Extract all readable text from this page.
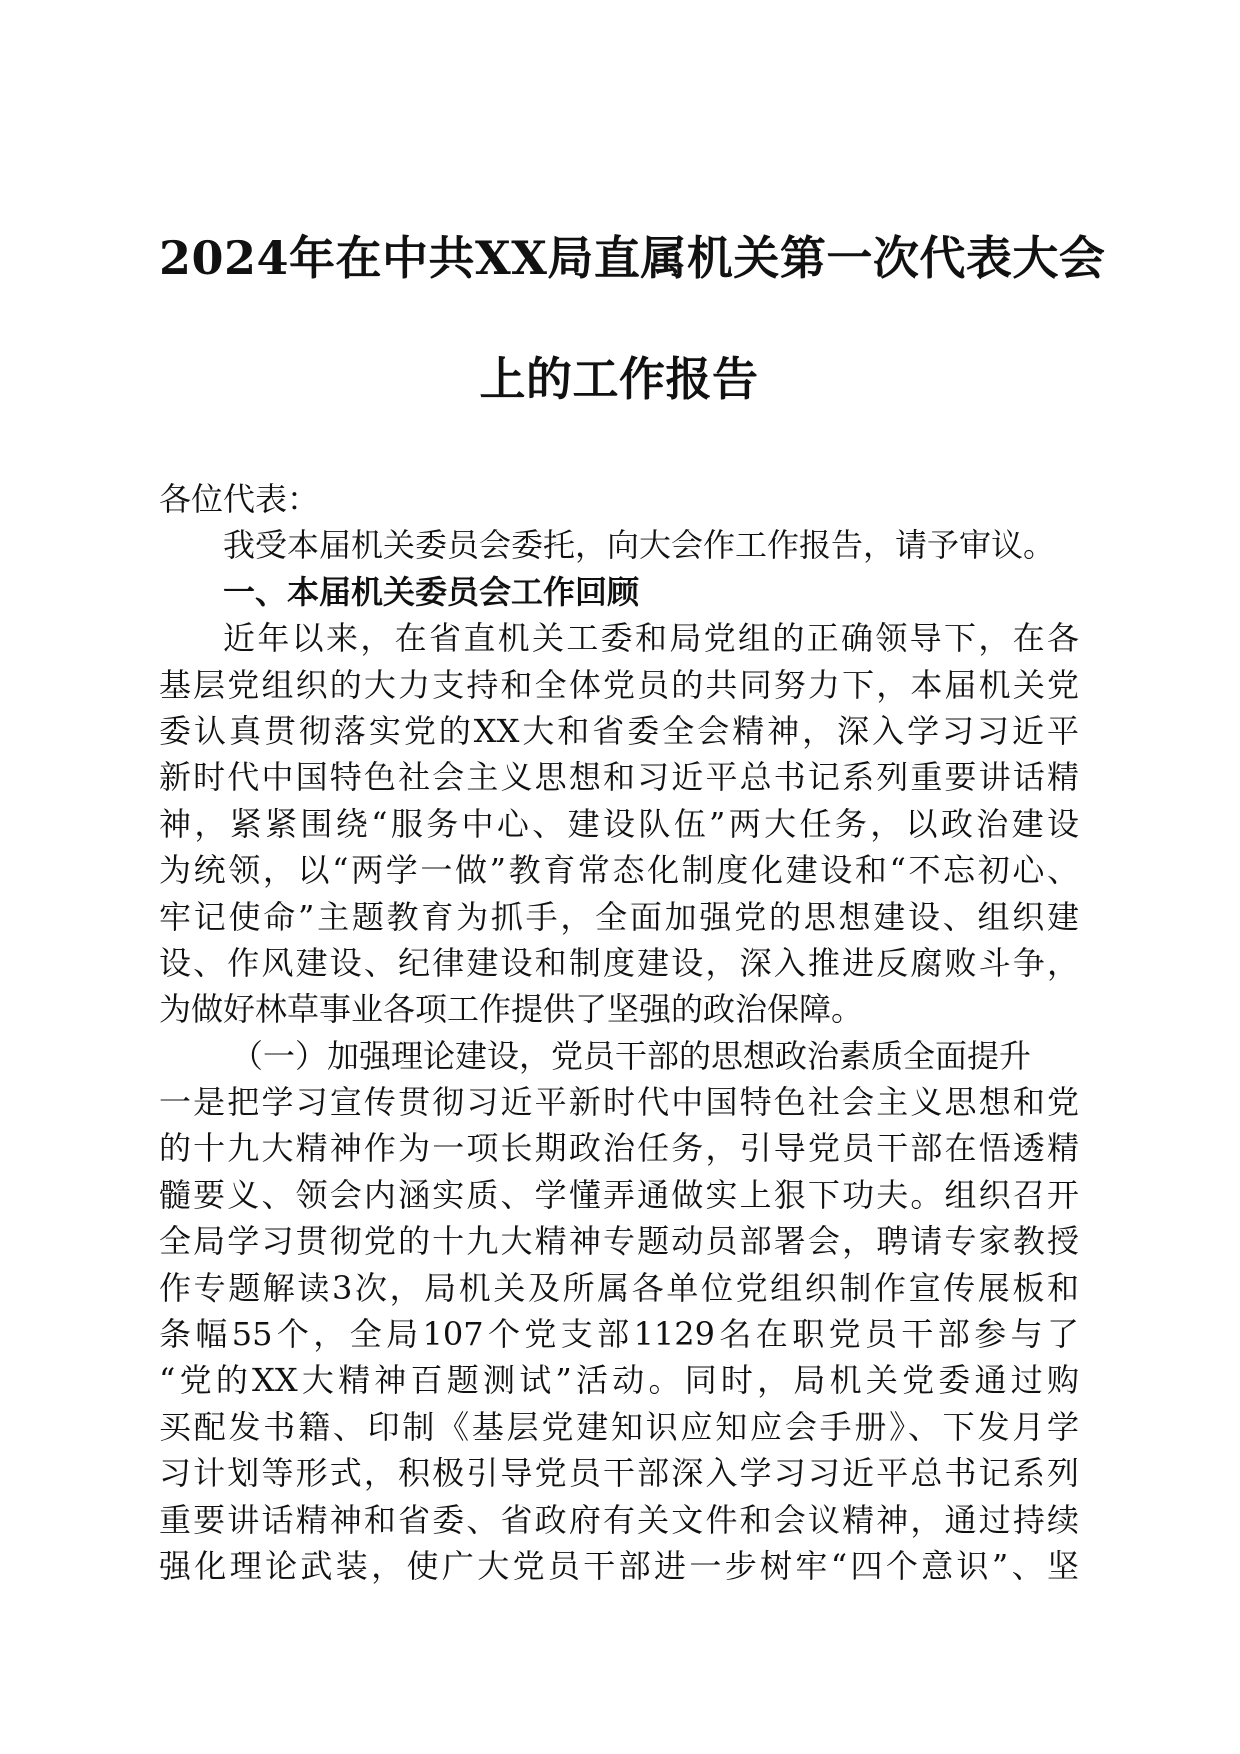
2024年在中共XX局直属机关第一次代表大会
上的工作报告
各位代表：
我受本届机关委员会委托，向大会作工作报告，请予审议。
一、本届机关委员会工作回顾
近年以来，在省直机关工委和局党组的正确领导下，在各
基层党组织的大力支持和全体党员的共同努力下，本届机关党
委认真贯彻落实党的XX大和省委全会精神，深入学习习近平
新时代中国特色社会主义思想和习近平总书记系列重要讲话精
神，紧紧围绕“服务中心、建设队伍”两大任务，以政治建设
为统领，以“两学一做”教育常态化制度化建设和“不忘初心、
牢记使命”主题教育为抓手，全面加强党的思想建设、组织建
设、作风建设、纪律建设和制度建设，深入推进反腐败斗争，
为做好林草事业各项工作提供了坚强的政治保障。
（一）加强理论建设，党员干部的思想政治素质全面提升
一是把学习宣传贯彻习近平新时代中国特色社会主义思想和党
的十九大精神作为一项长期政治任务，引导党员干部在悟透精
髓要义、领会内涵实质、学懂弄通做实上狠下功夫。组织召开
全局学习贯彻党的十九大精神专题动员部署会，聘请专家教授
作专题解读3次，局机关及所属各单位党组织制作宣传展板和
条幅55个，全局107个党支部1129名在职党员干部参与了
“党的XX大精神百题测试”活动。同时，局机关党委通过购
买配发书籍、印制《基层党建知识应知应会手册》、下发月学
习计划等形式，积极引导党员干部深入学习习近平总书记系列
重要讲话精神和省委、省政府有关文件和会议精神，通过持续
强化理论武装，使广大党员干部进一步树牢“四个意识”、坚
